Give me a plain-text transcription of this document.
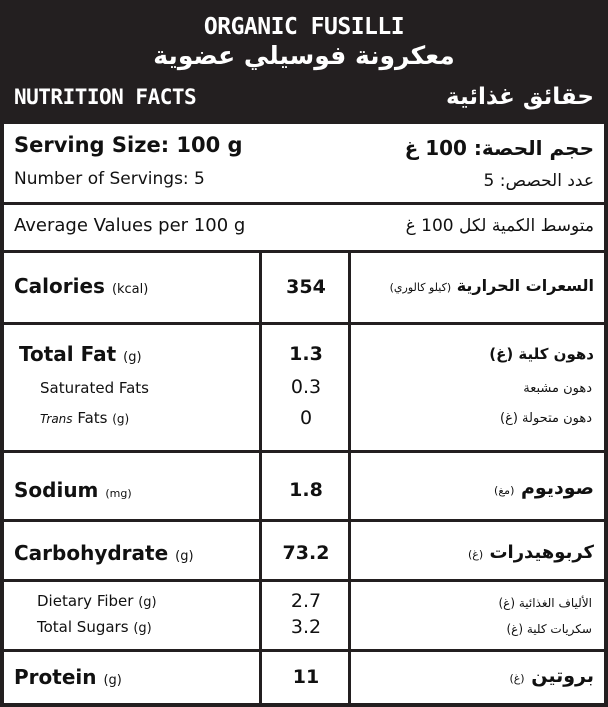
ORGANIC FUSILLI
معكرونة فوسيلي عضوية
NUTRITION FACTS	حقائق غذائية
Serving Size: 100 g	حجم الحصة: 100 غ
Number of Servings: 5	عدد الحصص: 5
Average Values per 100 g	متوسط الكمية لكل 100 غ
Calories (kcal)	354	السعرات الحرارية (كيلو كالوري)
Total Fat (g)	1.3	دهون كلية (غ)
Saturated Fats	0.3	دهون مشبعة
Trans Fats (g)	0	دهون متحولة (غ)
Sodium (mg)	1.8	صوديوم (مغ)
Carbohydrate (g)	73.2	كربوهيدرات (غ)
Dietary Fiber (g)	2.7	الألياف الغذائية (غ)
Total Sugars (g)	3.2	سكريات كلية (غ)
Protein (g)	11	بروتين (غ)
